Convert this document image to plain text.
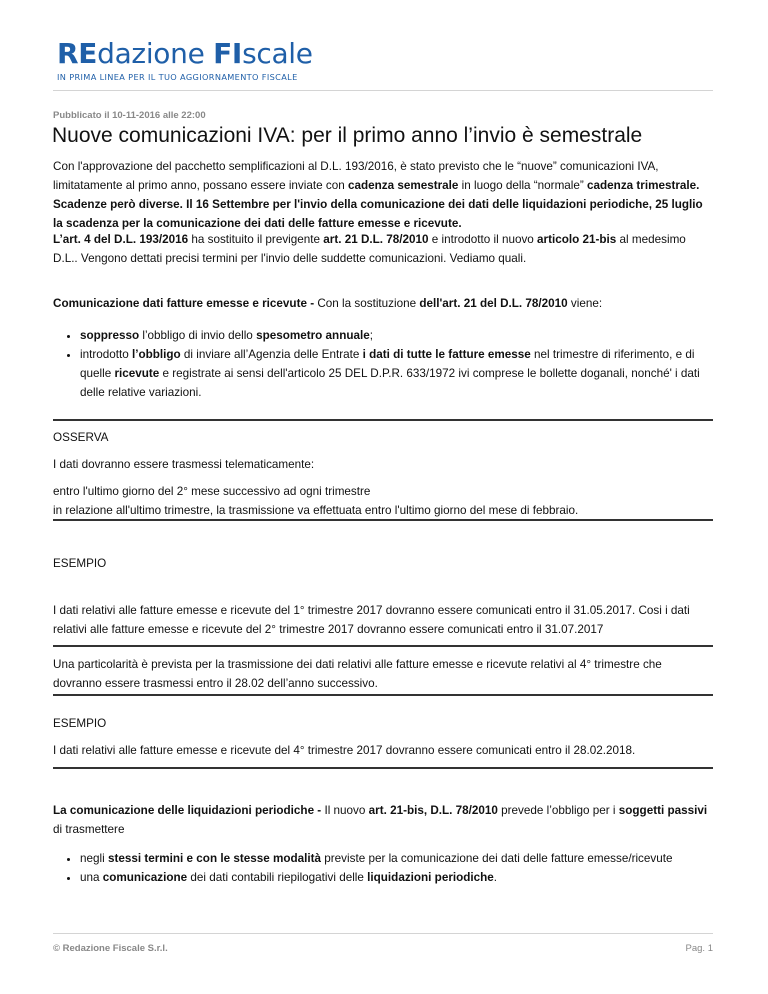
REdazione FIscale
IN PRIMA LINEA PER IL TUO AGGIORNAMENTO FISCALE
Pubblicato il 10-11-2016 alle 22:00
Nuove comunicazioni IVA: per il primo anno l’invio è semestrale

Con l'approvazione del pacchetto semplificazioni al D.L. 193/2016, è stato previsto che le “nuove” comunicazioni IVA, limitatamente al primo anno, possano essere inviate con cadenza semestrale in luogo della “normale” cadenza trimestrale. Scadenze però diverse. Il 16 Settembre per l'invio della comunicazione dei dati delle liquidazioni periodiche, 25 luglio la scadenza per la comunicazione dei dati delle fatture emesse e ricevute.

L’art. 4 del D.L. 193/2016 ha sostituito il previgente art. 21 D.L. 78/2010 e introdotto il nuovo articolo 21-bis al medesimo D.L.. Vengono dettati precisi termini per l'invio delle suddette comunicazioni. Vediamo quali.

Comunicazione dati fatture emesse e ricevute - Con la sostituzione dell'art. 21 del D.L. 78/2010 viene:

• soppresso l’obbligo di invio dello spesometro annuale;
• introdotto l’obbligo di inviare all’Agenzia delle Entrate i dati di tutte le fatture emesse nel trimestre di riferimento, e di quelle ricevute e registrate ai sensi dell'articolo 25 DEL D.P.R. 633/1972 ivi comprese le bollette doganali, nonché' i dati delle relative variazioni.

OSSERVA

I dati dovranno essere trasmessi telematicamente:

entro l'ultimo giorno del 2° mese successivo ad ogni trimestre

in relazione all'ultimo trimestre, la trasmissione va effettuata entro l'ultimo giorno del mese di febbraio.

ESEMPIO

I dati relativi alle fatture emesse e ricevute del 1° trimestre 2017 dovranno essere comunicati entro il 31.05.2017. Cosi i dati relativi alle fatture emesse e ricevute del 2° trimestre 2017 dovranno essere comunicati entro il 31.07.2017

Una particolarità è prevista per la trasmissione dei dati relativi alle fatture emesse e ricevute relativi al 4° trimestre che dovranno essere trasmessi entro il 28.02 dell’anno successivo.

ESEMPIO

I dati relativi alle fatture emesse e ricevute del 4° trimestre 2017 dovranno essere comunicati entro il 28.02.2018.

La comunicazione delle liquidazioni periodiche - Il nuovo art. 21-bis, D.L. 78/2010 prevede l’obbligo per i soggetti passivi di trasmettere

• negli stessi termini e con le stesse modalità previste per la comunicazione dei dati delle fatture emesse/ricevute
• una comunicazione dei dati contabili riepilogativi delle liquidazioni periodiche.
© Redazione Fiscale S.r.l.	Pag. 1
